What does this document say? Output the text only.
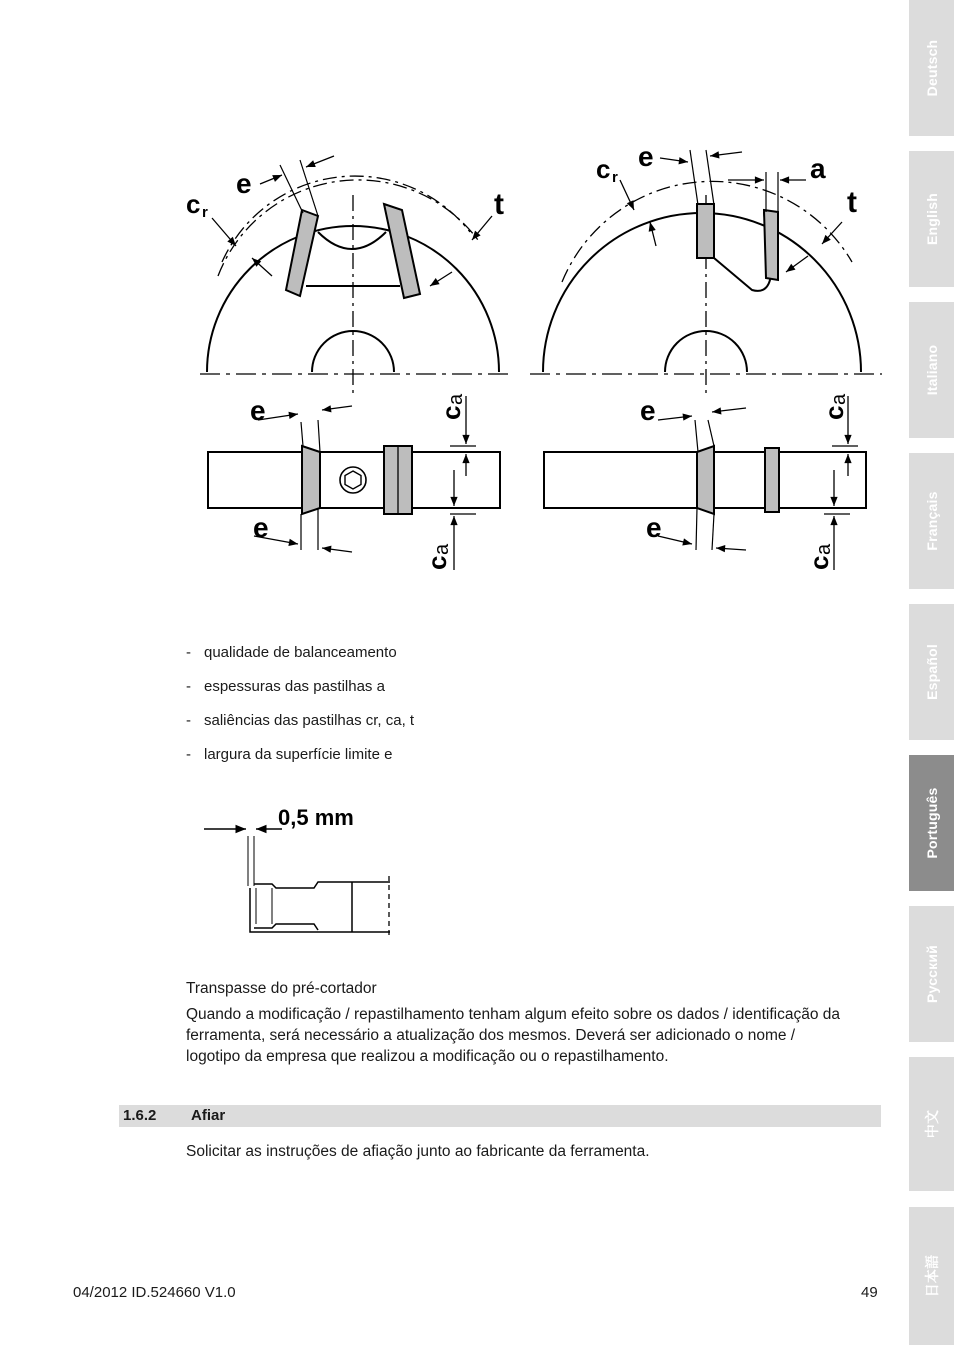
Deutsch
English
Italiano
Français
Español
Português
Русский
中文
日本語
e
c r	t
c r
e	a
t
e
e
c
a
c
a
e
e
c
a
c
a
0,5 mm
- qualidade de balanceamento
- espessuras das pastilhas a
- saliências das pastilhas cr, ca, t
- largura da superfície limite e
Transpasse do pré-cortador
Quando a modificação / repastilhamento tenham algum efeito sobre os dados / identificação da ferramenta, será necessário a atualização dos mesmos. Deverá ser adicionado o nome / logotipo da empresa que realizou a modificação ou o repastilhamento.
1.6.2 Afiar
Solicitar as instruções de afiação junto ao fabricante da ferramenta.
04/2012 ID.524660 V1.0	49
